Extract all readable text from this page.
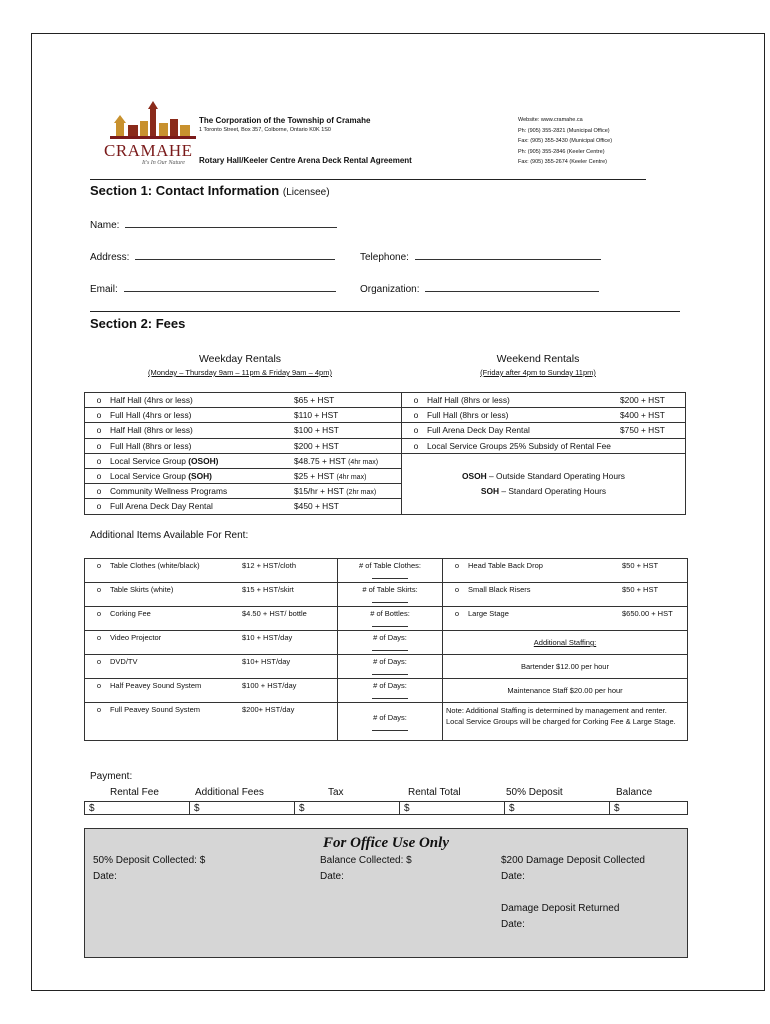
CRAMAHE
It's In Our Nature
The Corporation of the Township of Cramahe
1 Toronto Street, Box 357, Colborne, Ontario K0K 1S0
Rotary Hall/Keeler Centre Arena Deck Rental Agreement
Website: www.cramahe.ca
Ph: (905) 355-2821 (Municipal Office)
Fax: (905) 355-3430 (Municipal Office)
Ph: (905) 355-2846 (Keeler Centre)
Fax: (905) 355-2674 (Keeler Centre)
Section 1: Contact Information (Licensee)
Name:
Address:	Telephone:
Email:	Organization:
Section 2: Fees
Weekday Rentals
(Monday – Thursday 9am – 11pm & Friday 9am – 4pm)
Weekend Rentals
(Friday after 4pm to Sunday 11pm)
o Half Hall (4hrs or less)	$65 + HST	o Half Hall (8hrs or less)	$200 + HST
o Full Hall (4hrs or less)	$110 + HST	o Full Hall (8hrs or less)	$400 + HST
o Half Hall (8hrs or less)	$100 + HST	o Full Arena Deck Day Rental	$750 + HST
o Full Hall (8hrs or less)	$200 + HST	o Local Service Groups 25% Subsidy of Rental Fee	
o Local Service Group (OSOH)	$48.75 + HST (4hr max)		
o Local Service Group (SOH)	$25 + HST (4hr max)	OSOH – Outside Standard Operating Hours	
o Community Wellness Programs	$15/hr + HST (2hr max)	SOH – Standard Operating Hours	
o Full Arena Deck Day Rental	$450 + HST		
Additional Items Available For Rent:
o Table Clothes (white/black)	$12 + HST/cloth	# of Table Clothes:	o Head Table Back Drop	$50 + HST
o Table Skirts (white)	$15 + HST/skirt	# of Table Skirts:	o Small Black Risers	$50 + HST
o Corking Fee	$4.50 + HST/ bottle	# of Bottles:	o Large Stage	$650.00 + HST
o Video Projector	$10 + HST/day	# of Days:	Additional Staffing:	
o DVD/TV	$10+ HST/day	# of Days:	Bartender $12.00 per hour	
o Half Peavey Sound System	$100 + HST/day	# of Days:	Maintenance Staff $20.00 per hour	
o Full Peavey Sound System	$200+ HST/day	# of Days:	Note: Additional Staffing is determined by management and renter. Local Service Groups will be charged for Corking Fee & Large Stage.	
Payment:
Rental Fee	Additional Fees	Tax	Rental Total	50% Deposit	Balance
$	$	$	$	$	$
For Office Use Only
50% Deposit Collected: $
Date:
Balance Collected: $
Date:
$200 Damage Deposit Collected
Date:
Damage Deposit Returned
Date:
